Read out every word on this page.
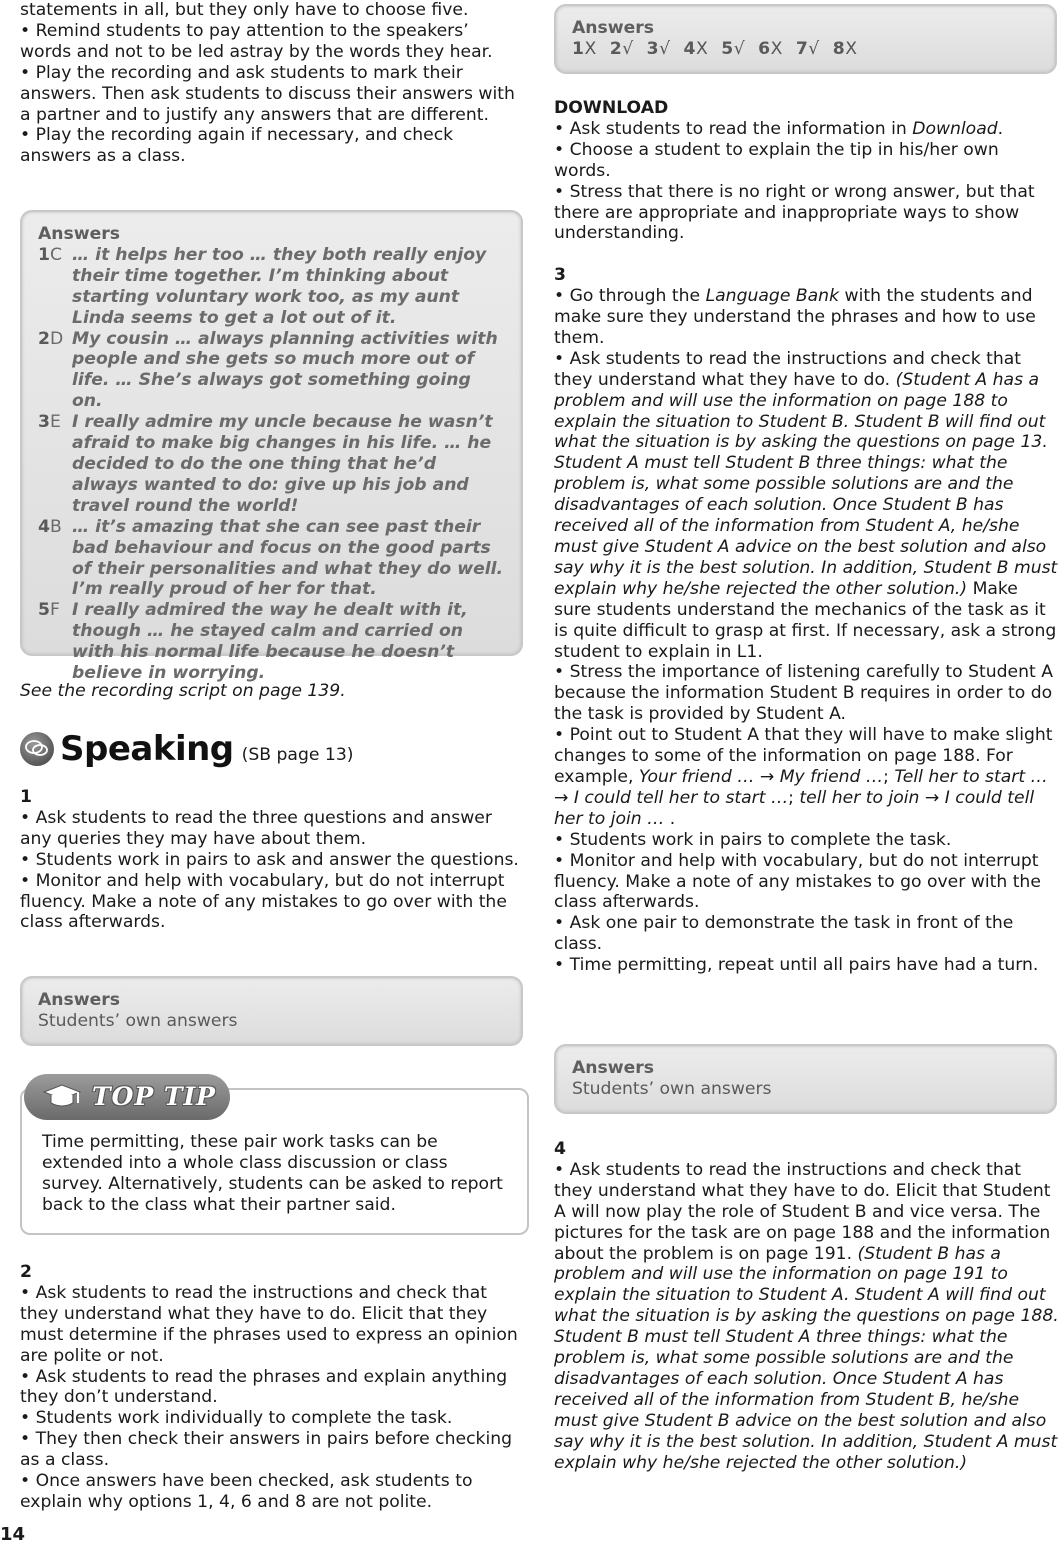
statements in all, but they only have to choose five.

• Remind students to pay attention to the speakers’ words and not to be led astray by the words they hear.

• Play the recording and ask students to mark their answers. Then ask students to discuss their answers with a partner and to justify any answers that are different.

• Play the recording again if necessary, and check answers as a class.

Answers
1C … it helps her too … they both really enjoy their time together. I’m thinking about starting voluntary work too, as my aunt Linda seems to get a lot out of it.
2D My cousin … always planning activities with people and she gets so much more out of life. … She’s always got something going on.
3E I really admire my uncle because he wasn’t afraid to make big changes in his life. … he decided to do the one thing that he’d always wanted to do: give up his job and travel round the world!
4B … it’s amazing that she can see past their bad behaviour and focus on the good parts of their personalities and what they do well. I’m really proud of her for that.
5F I really admired the way he dealt with it, though … he stayed calm and carried on with his normal life because he doesn’t believe in worrying.

See the recording script on page 139.

Speaking (SB page 13)

1

• Ask students to read the three questions and answer any queries they may have about them.

• Students work in pairs to ask and answer the questions.

• Monitor and help with vocabulary, but do not interrupt fluency. Make a note of any mistakes to go over with the class afterwards.

Answers
Students’ own answers

Time permitting, these pair work tasks can be extended into a whole class discussion or class survey. Alternatively, students can be asked to report back to the class what their partner said.

TOP TIP

2

• Ask students to read the instructions and check that they understand what they have to do. Elicit that they must determine if the phrases used to express an opinion are polite or not.

• Ask students to read the phrases and explain anything they don’t understand.

• Students work individually to complete the task.

• They then check their answers in pairs before checking as a class.

• Once answers have been checked, ask students to explain why options 1, 4, 6 and 8 are not polite.

Answers
1X 2√ 3√ 4X 5√ 6X 7√ 8X

DOWNLOAD

• Ask students to read the information in Download.

• Choose a student to explain the tip in his/her own words.

• Stress that there is no right or wrong answer, but that there are appropriate and inappropriate ways to show understanding.

3

• Go through the Language Bank with the students and make sure they understand the phrases and how to use them.

• Ask students to read the instructions and check that they understand what they have to do. (Student A has a problem and will use the information on page 188 to explain the situation to Student B. Student B will find out what the situation is by asking the questions on page 13. Student A must tell Student B three things: what the problem is, what some possible solutions are and the disadvantages of each solution. Once Student B has received all of the information from Student A, he/she must give Student A advice on the best solution and also say why it is the best solution. In addition, Student B must explain why he/she rejected the other solution.) Make sure students understand the mechanics of the task as it is quite difficult to grasp at first. If necessary, ask a strong student to explain in L1.

• Stress the importance of listening carefully to Student A because the information Student B requires in order to do the task is provided by Student A.

• Point out to Student A that they will have to make slight changes to some of the information on page 188. For example, Your friend … → My friend …; Tell her to start … → I could tell her to start …; tell her to join → I could tell her to join … .

• Students work in pairs to complete the task.

• Monitor and help with vocabulary, but do not interrupt fluency. Make a note of any mistakes to go over with the class afterwards.

• Ask one pair to demonstrate the task in front of the class.

• Time permitting, repeat until all pairs have had a turn.

Answers
Students’ own answers

4

• Ask students to read the instructions and check that they understand what they have to do. Elicit that Student A will now play the role of Student B and vice versa. The pictures for the task are on page 188 and the information about the problem is on page 191. (Student B has a problem and will use the information on page 191 to explain the situation to Student A. Student A will find out what the situation is by asking the questions on page 188. Student B must tell Student A three things: what the problem is, what some possible solutions are and the disadvantages of each solution. Once Student A has received all of the information from Student B, he/she must give Student B advice on the best solution and also say why it is the best solution. In addition, Student A must explain why he/she rejected the other solution.)

14
